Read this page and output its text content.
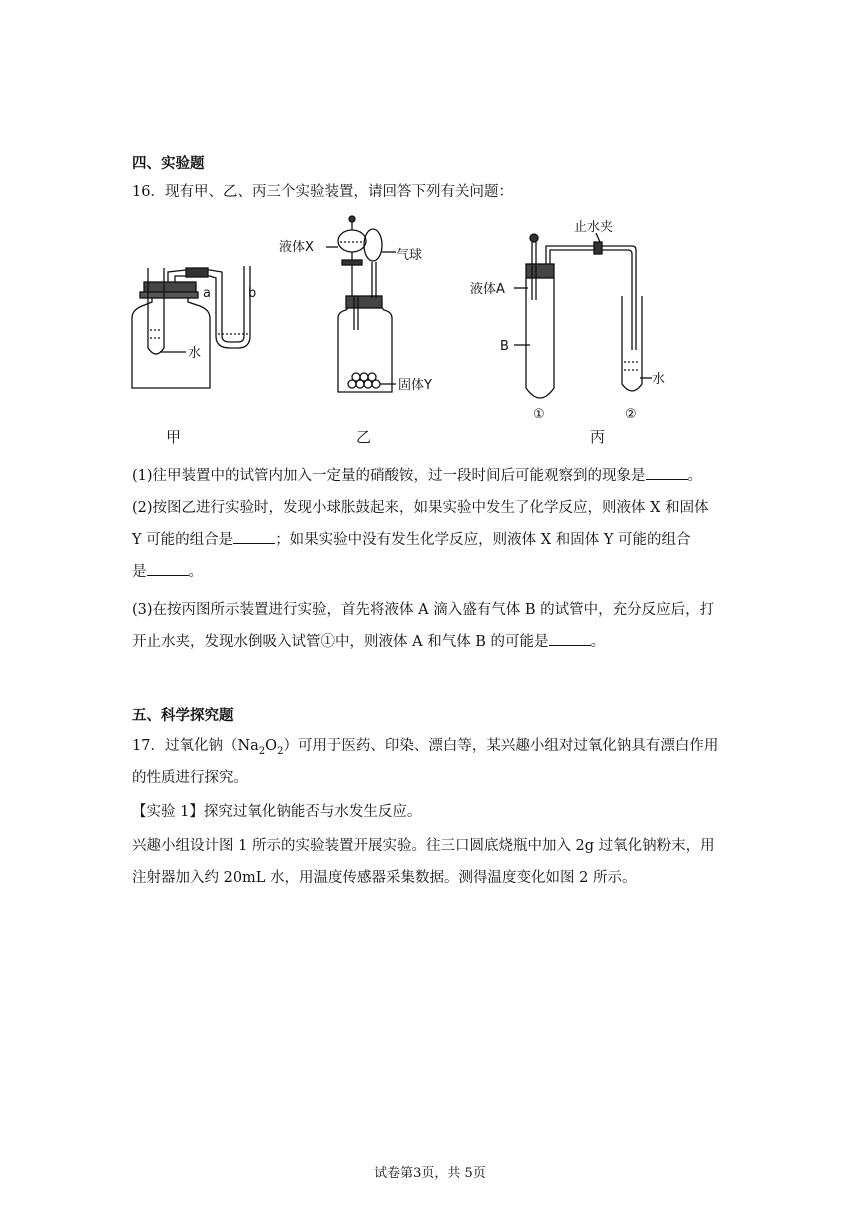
四、实验题
16．现有甲、乙、丙三个实验装置，请回答下列有关问题：
水
a	b
液体X
气球
固体Y
止水夹
液体A
B
水
①	②
甲	乙	丙
(1)往甲装置中的试管内加入一定量的硝酸铵，过一段时间后可能观察到的现象是	。
(2)按图乙进行实验时，发现小球胀鼓起来，如果实验中发生了化学反应，则液体 X 和固体
Y 可能的组合是	；如果实验中没有发生化学反应，则液体 X 和固体 Y 可能的组合
是	。
(3)在按丙图所示装置进行实验，首先将液体 A 滴入盛有气体 B 的试管中，充分反应后，打
开止水夹，发现水倒吸入试管①中，则液体 A 和气体 B 的可能是	。
五、科学探究题
17．过氧化钠$(Na_2O_2)$可用于医药、印染、漂白等，某兴趣小组对过氧化钠具有漂白作用
的性质进行探究。
【实验 1】探究过氧化钠能否与水发生反应。
兴趣小组设计图 1 所示的实验装置开展实验。往三口圆底烧瓶中加入 2g 过氧化钠粉末，用
注射器加入约 20mL 水，用温度传感器采集数据。测得温度变化如图 2 所示。
试卷第3页，共 5页
